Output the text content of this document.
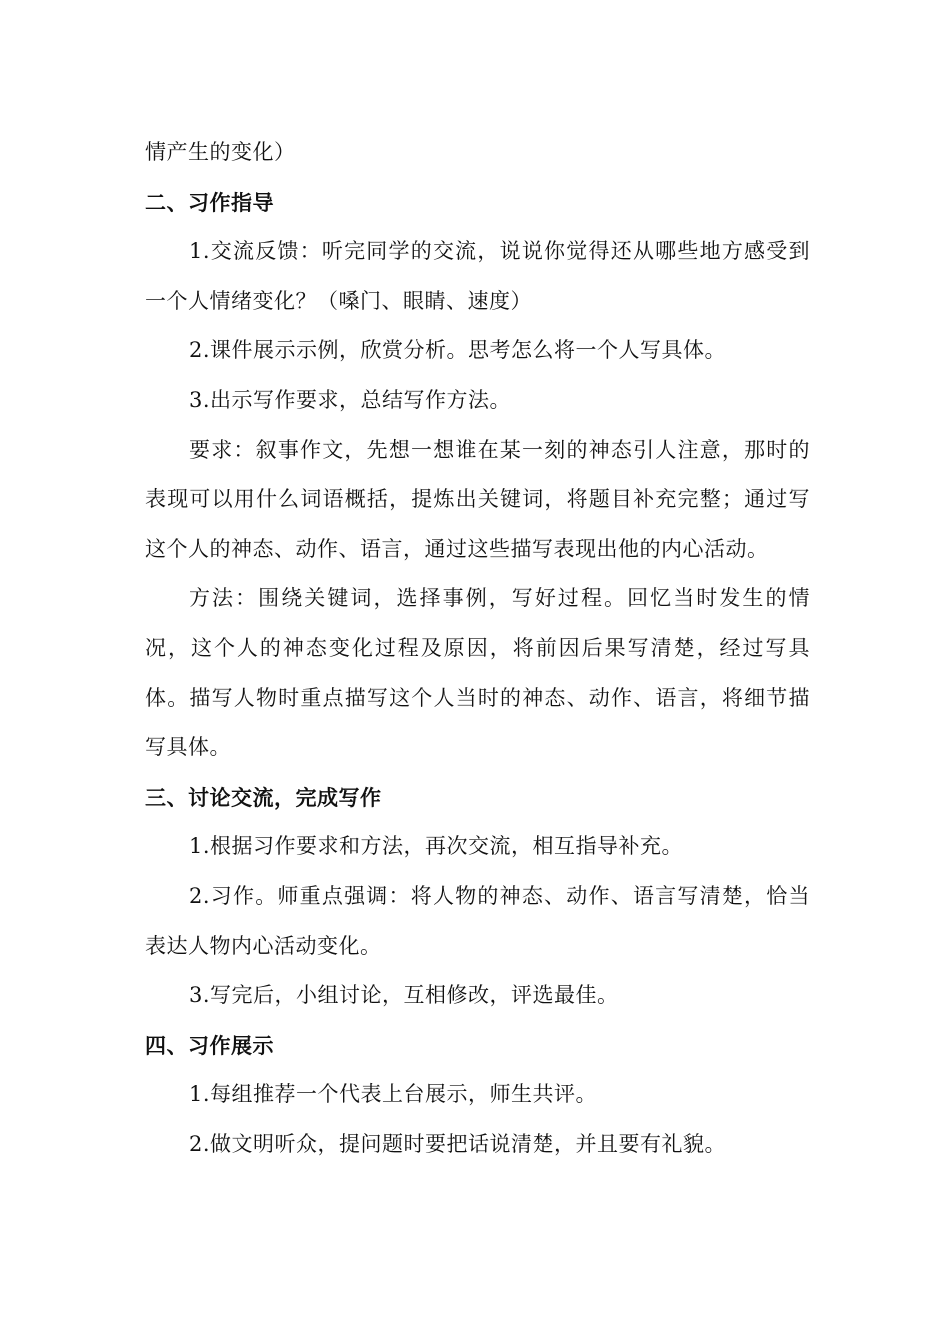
情产生的变化）

二、习作指导

1.交流反馈：听完同学的交流，说说你觉得还从哪些地方感受到一个人情绪变化？（嗓门、眼睛、速度）

2.课件展示示例，欣赏分析。思考怎么将一个人写具体。

3.出示写作要求，总结写作方法。

要求：叙事作文，先想一想谁在某一刻的神态引人注意，那时的表现可以用什么词语概括，提炼出关键词，将题目补充完整；通过写这个人的神态、动作、语言，通过这些描写表现出他的内心活动。

方法：围绕关键词，选择事例，写好过程。回忆当时发生的情况，这个人的神态变化过程及原因，将前因后果写清楚，经过写具体。描写人物时重点描写这个人当时的神态、动作、语言，将细节描写具体。

三、讨论交流，完成写作

1.根据习作要求和方法，再次交流，相互指导补充。

2.习作。师重点强调：将人物的神态、动作、语言写清楚，恰当表达人物内心活动变化。

3.写完后，小组讨论，互相修改，评选最佳。

四、习作展示

1.每组推荐一个代表上台展示，师生共评。

2.做文明听众，提问题时要把话说清楚，并且要有礼貌。
